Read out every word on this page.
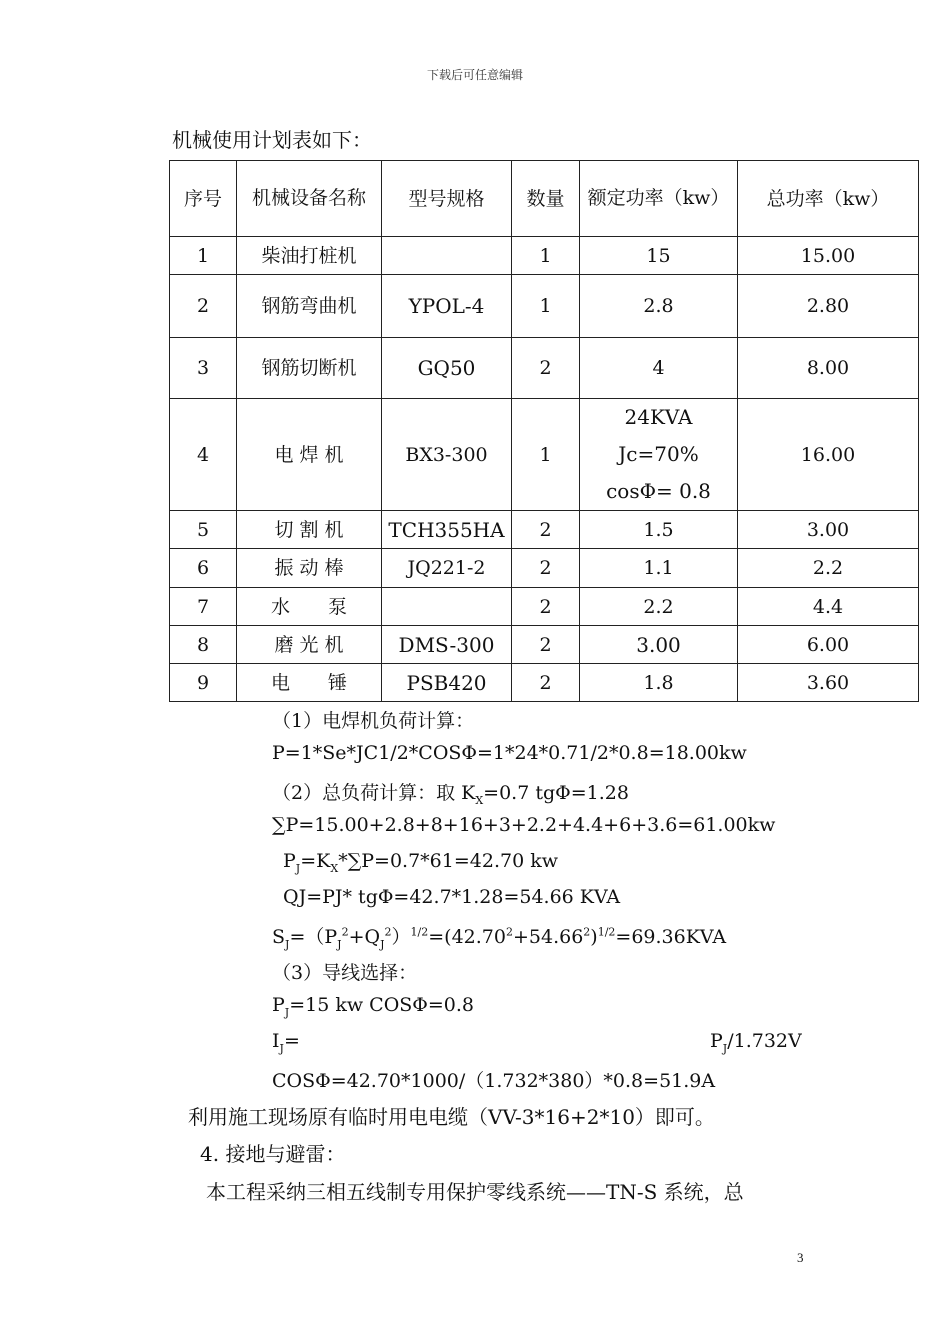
下载后可任意编辑
机械使用计划表如下：
序号	机械设备名称	型号规格	数量	额定功率（kw）	总功率（kw）
1	柴油打桩机		1	15	15.00
2	钢筋弯曲机	YPOL-4	1	2.8	2.80
3	钢筋切断机	GQ50	2	4	8.00
4	电 焊 机	BX3-300	1	24KVA Jc=70% cosΦ= 0.8	16.00
5	切 割 机	TCH355HA	2	1.5	3.00
6	振 动 棒	JQ221-2	2	1.1	2.2
7	水　　泵		2	2.2	4.4
8	磨 光 机	DMS-300	2	3.00	6.00
9	电　　锤	PSB420	2	1.8	3.60
（1）电焊机负荷计算：
P=1*Se*JC1/2*COSΦ=1*24*0.71/2*0.8=18.00kw
（2）总负荷计算：取 $K_X=0.7$ tgΦ=1.28
∑P=15.00+2.8+8+16+3+2.2+4.4+6+3.6=61.00kw
$P_J=K_X*\sum P=0.7*61=42.70$ kw
QJ=PJ* tgΦ=42.7*1.28=54.66 KVA
$S_J=(P_J^2+Q_J^2)^{1/2}=(42.70^2+54.66^2)^{1/2}=69.36KVA$
（3）导线选择：
$P_J=15$ kw COSΦ=0.8
$I_J=$	$P_J/1.732V$
COSΦ=42.70*1000/（1.732*380）*0.8=51.9A
利用施工现场原有临时用电电缆（VV-3*16+2*10）即可。
4. 接地与避雷：
本工程采纳三相五线制专用保护零线系统——TN-S 系统，总
3
